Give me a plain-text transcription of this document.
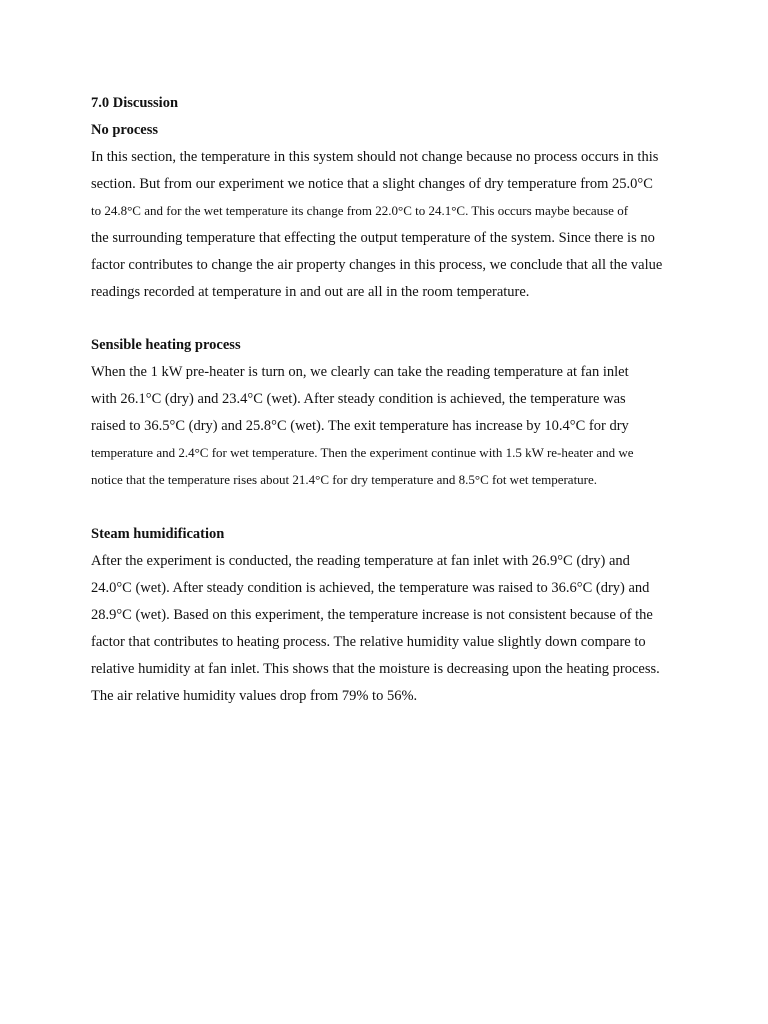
7.0 Discussion

No process

In this section, the temperature in this system should not change because no process occurs in this
section. But from our experiment we notice that a slight changes of dry temperature from 25.0°C
to 24.8°C and for the wet temperature its change from 22.0°C to 24.1°C. This occurs maybe because of
the surrounding temperature that effecting the output temperature of the system. Since there is no
factor contributes to change the air property changes in this process, we conclude that all the value
readings recorded at temperature in and out are all in the room temperature.

Sensible heating process

When the 1 kW pre-heater is turn on, we clearly can take the reading temperature at fan inlet
with 26.1°C (dry) and 23.4°C (wet). After steady condition is achieved, the temperature was
raised to 36.5°C (dry) and 25.8°C (wet). The exit temperature has increase by 10.4°C for dry
temperature and 2.4°C for wet temperature. Then the experiment continue with 1.5 kW re-heater and we
notice that the temperature rises about 21.4°C for dry temperature and 8.5°C fot wet temperature.

Steam humidification

After the experiment is conducted, the reading temperature at fan inlet with 26.9°C (dry) and
24.0°C (wet). After steady condition is achieved, the temperature was raised to 36.6°C (dry) and
28.9°C (wet). Based on this experiment, the temperature increase is not consistent because of the
factor that contributes to heating process. The relative humidity value slightly down compare to
relative humidity at fan inlet. This shows that the moisture is decreasing upon the heating process.
The air relative humidity values drop from 79% to 56%.
